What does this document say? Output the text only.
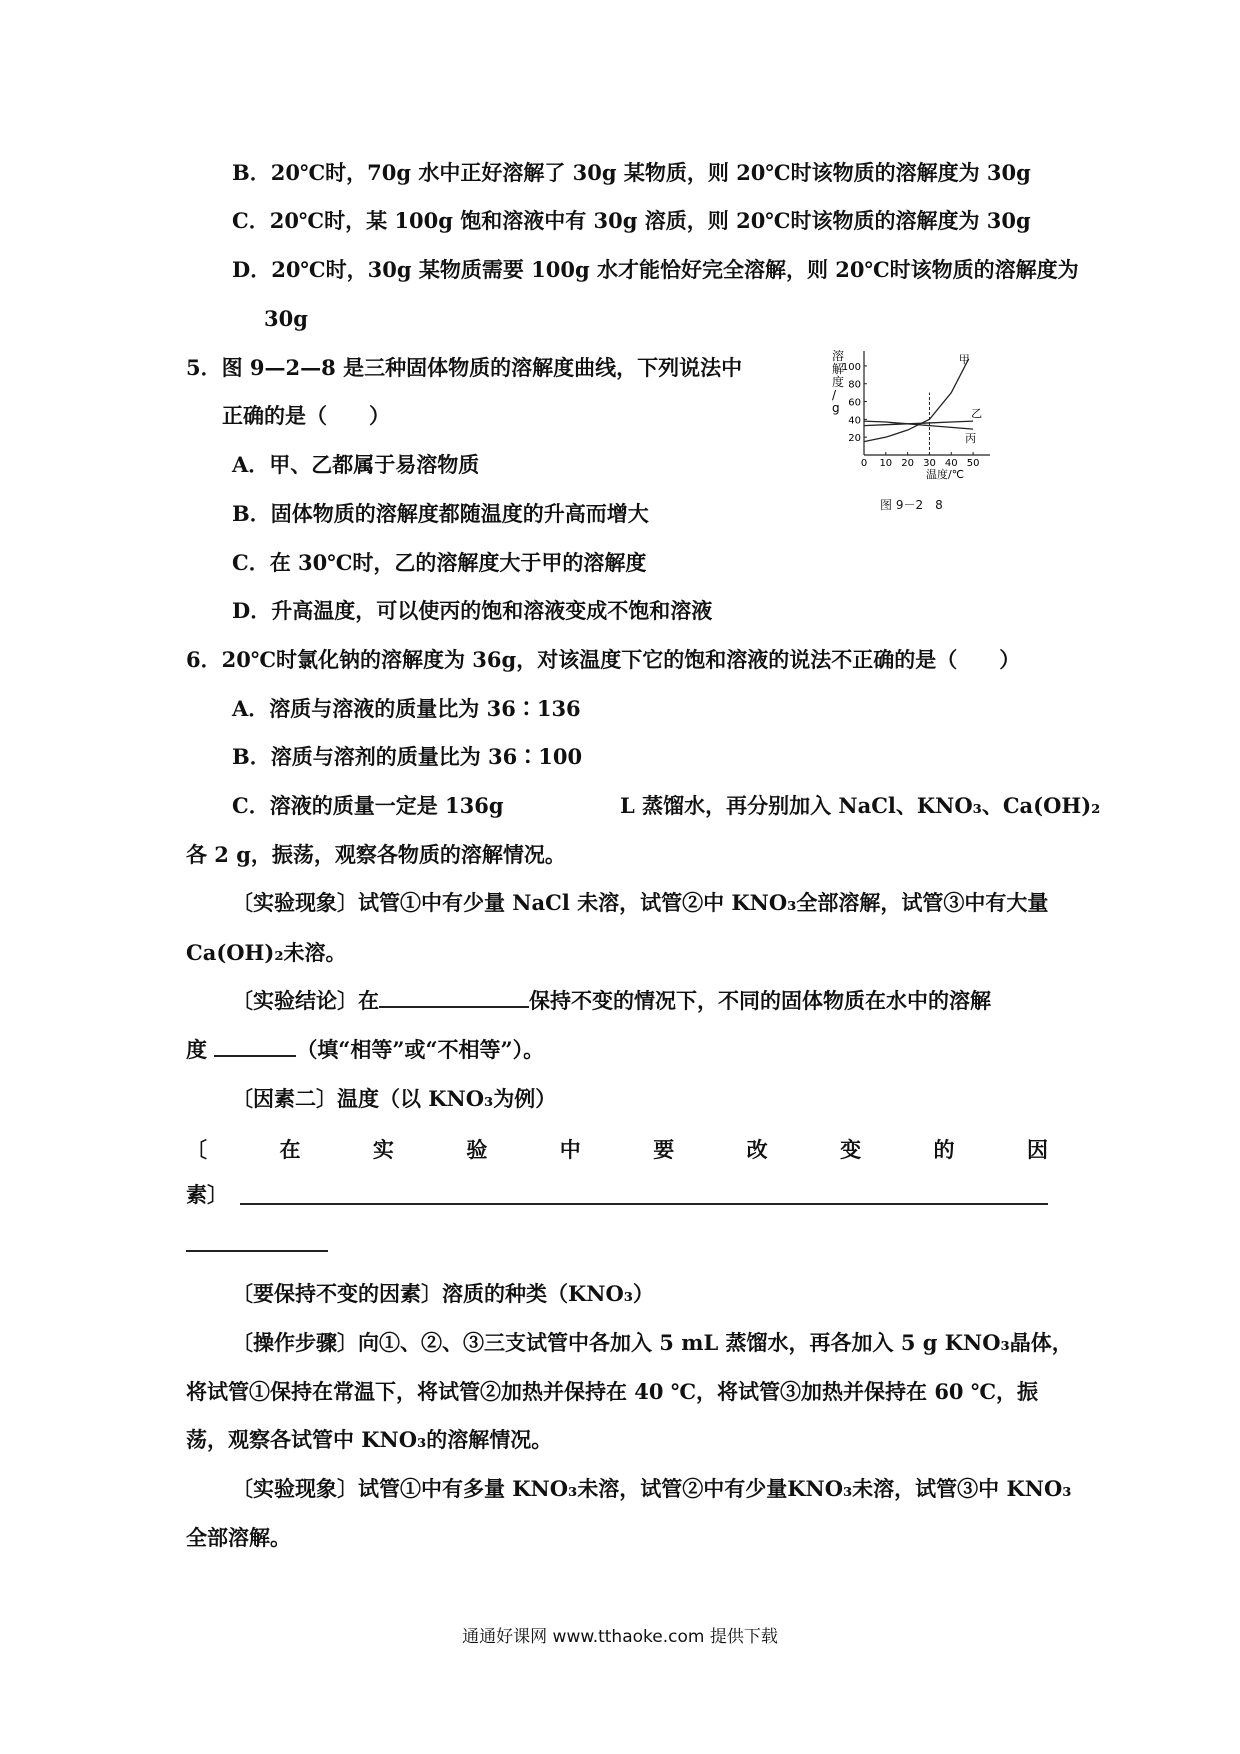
B．20℃时，70g 水中正好溶解了 30g 某物质，则 20℃时该物质的溶解度为 30g
C．20℃时，某 100g 饱和溶液中有 30g 溶质，则 20℃时该物质的溶解度为 30g
D．20℃时，30g 某物质需要 100g 水才能恰好完全溶解，则 20℃时该物质的溶解度为
30g
5．图 9—2—8 是三种固体物质的溶解度曲线，下列说法中
正确的是（　　）
A．甲、乙都属于易溶物质
B．固体物质的溶解度都随温度的升高而增大
C．在 30℃时，乙的溶解度大于甲的溶解度
D．升高温度，可以使丙的饱和溶液变成不饱和溶液
20
40
60
80
100
0 10 20 30 40 50
甲
乙
丙
溶解度/ g
温度/℃
图 9－2　8
6．20℃时氯化钠的溶解度为 36g，对该温度下它的饱和溶液的说法不正确的是（　　）
A．溶质与溶液的质量比为 36∶136
B．溶质与溶剂的质量比为 36∶100
C．溶液的质量一定是 136g	L 蒸馏水，再分别加入 NaCl、KNO₃、Ca(OH)₂
各 2 g，振荡，观察各物质的溶解情况。
〔实验现象〕试管①中有少量 NaCl 未溶，试管②中 KNO₃全部溶解，试管③中有大量
Ca(OH)₂未溶。
〔实验结论〕在	保持不变的情况下，不同的固体物质在水中的溶解
度	（填“相等”或“不相等”）。
〔因素二〕温度（以 KNO₃为例）
〔	在	实	验	中	要	改	变	的	因
素〕
〔要保持不变的因素〕溶质的种类（KNO₃）
〔操作步骤〕向①、②、③三支试管中各加入 5 mL 蒸馏水，再各加入 5 g KNO₃晶体，
将试管①保持在常温下，将试管②加热并保持在 40 ℃，将试管③加热并保持在 60 ℃，振
荡，观察各试管中 KNO₃的溶解情况。
〔实验现象〕试管①中有多量 KNO₃未溶，试管②中有少量KNO₃未溶，试管③中 KNO₃
全部溶解。
通通好课网 www.tthaoke.com 提供下载
